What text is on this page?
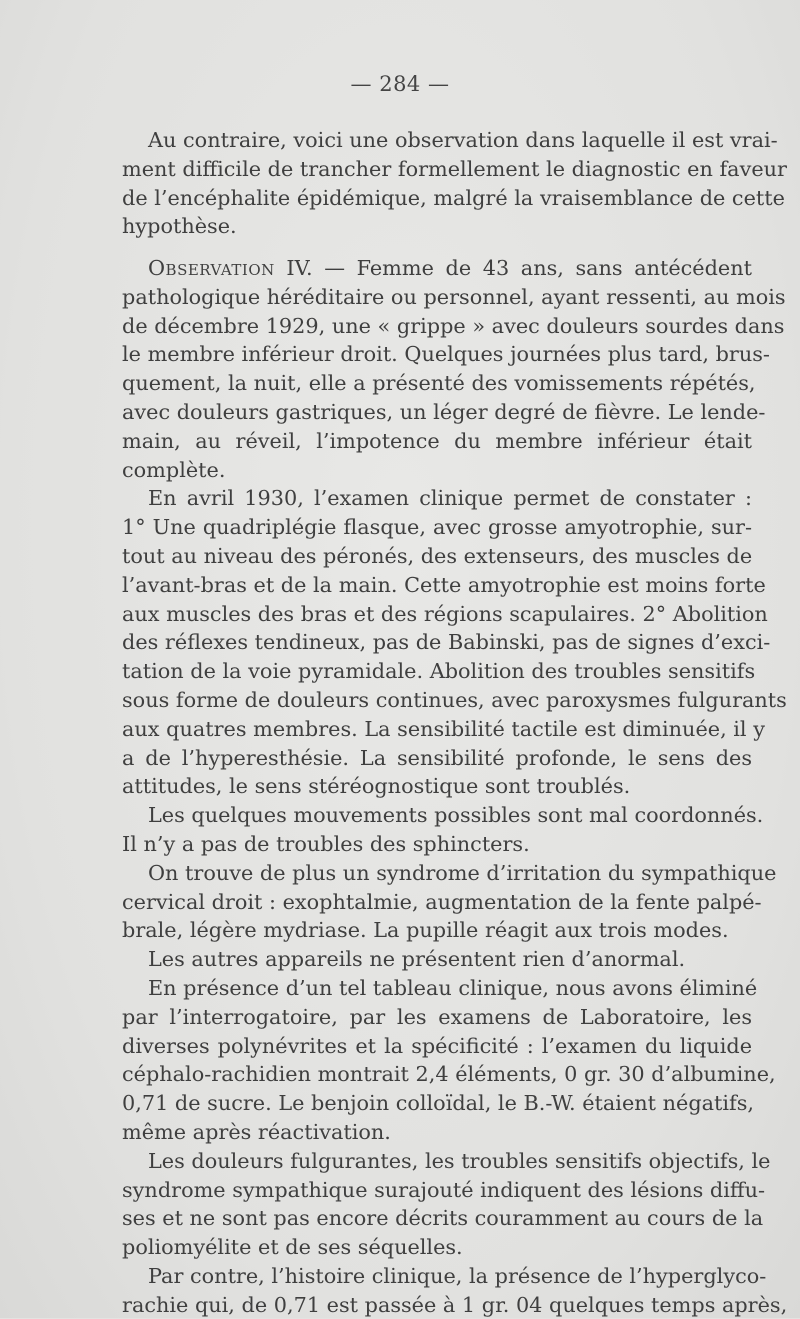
— 284 —
Au contraire, voici une observation dans laquelle il est vrai-
ment difficile de trancher formellement le diagnostic en faveur
de l’encéphalite épidémique, malgré la vraisemblance de cette
hypothèse.
Observation IV. — Femme de 43 ans, sans antécédent
pathologique héréditaire ou personnel, ayant ressenti, au mois
de décembre 1929, une « grippe » avec douleurs sourdes dans
le membre inférieur droit. Quelques journées plus tard, brus-
quement, la nuit, elle a présenté des vomissements répétés,
avec douleurs gastriques, un léger degré de fièvre. Le lende-
main, au réveil, l’impotence du membre inférieur était
complète.
En avril 1930, l’examen clinique permet de constater :
1° Une quadriplégie flasque, avec grosse amyotrophie, sur-
tout au niveau des péronés, des extenseurs, des muscles de
l’avant-bras et de la main. Cette amyotrophie est moins forte
aux muscles des bras et des régions scapulaires. 2° Abolition
des réflexes tendineux, pas de Babinski, pas de signes d’exci-
tation de la voie pyramidale. Abolition des troubles sensitifs
sous forme de douleurs continues, avec paroxysmes fulgurants
aux quatres membres. La sensibilité tactile est diminuée, il y
a de l’hyperesthésie. La sensibilité profonde, le sens des
attitudes, le sens stéréognostique sont troublés.
Les quelques mouvements possibles sont mal coordonnés.
Il n’y a pas de troubles des sphincters.
On trouve de plus un syndrome d’irritation du sympathique
cervical droit : exophtalmie, augmentation de la fente palpé-
brale, légère mydriase. La pupille réagit aux trois modes.
Les autres appareils ne présentent rien d’anormal.
En présence d’un tel tableau clinique, nous avons éliminé
par l’interrogatoire, par les examens de Laboratoire, les
diverses polynévrites et la spécificité : l’examen du liquide
céphalo-rachidien montrait 2,4 éléments, 0 gr. 30 d’albumine,
0,71 de sucre. Le benjoin colloïdal, le B.-W. étaient négatifs,
même après réactivation.
Les douleurs fulgurantes, les troubles sensitifs objectifs, le
syndrome sympathique surajouté indiquent des lésions diffu-
ses et ne sont pas encore décrits couramment au cours de la
poliomyélite et de ses séquelles.
Par contre, l’histoire clinique, la présence de l’hyperglyco-
rachie qui, de 0,71 est passée à 1 gr. 04 quelques temps après,
